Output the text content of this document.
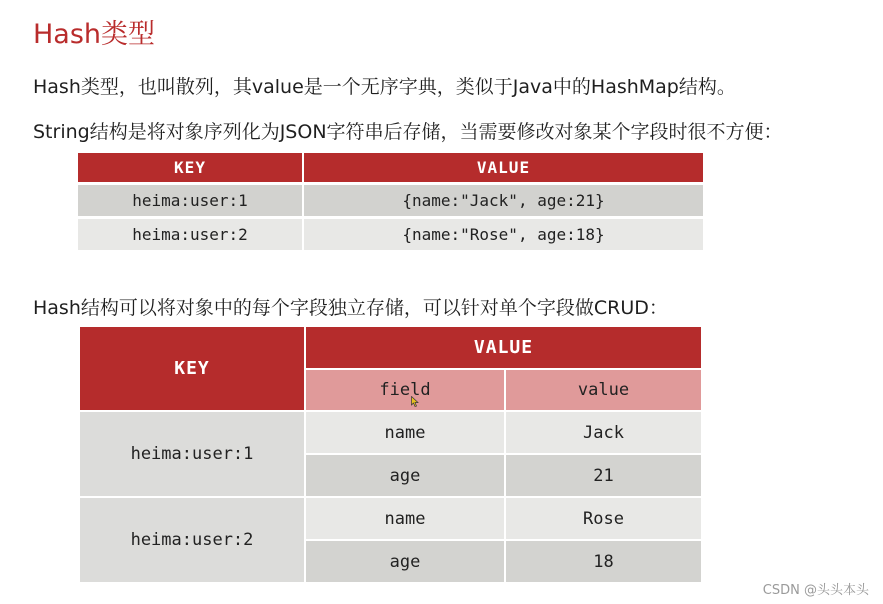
Hash类型
Hash类型，也叫散列，其value是一个无序字典，类似于Java中的HashMap结构。
String结构是将对象序列化为JSON字符串后存储，当需要修改对象某个字段时很不方便：
KEY	VALUE
heima:user:1	{name:"Jack", age:21}
heima:user:2	{name:"Rose", age:18}
Hash结构可以将对象中的每个字段独立存储，可以针对单个字段做CRUD：
KEY	VALUE	
	field	value
heima:user:1	name	Jack
	age	21
heima:user:2	name	Rose
	age	18
CSDN @头头本头
